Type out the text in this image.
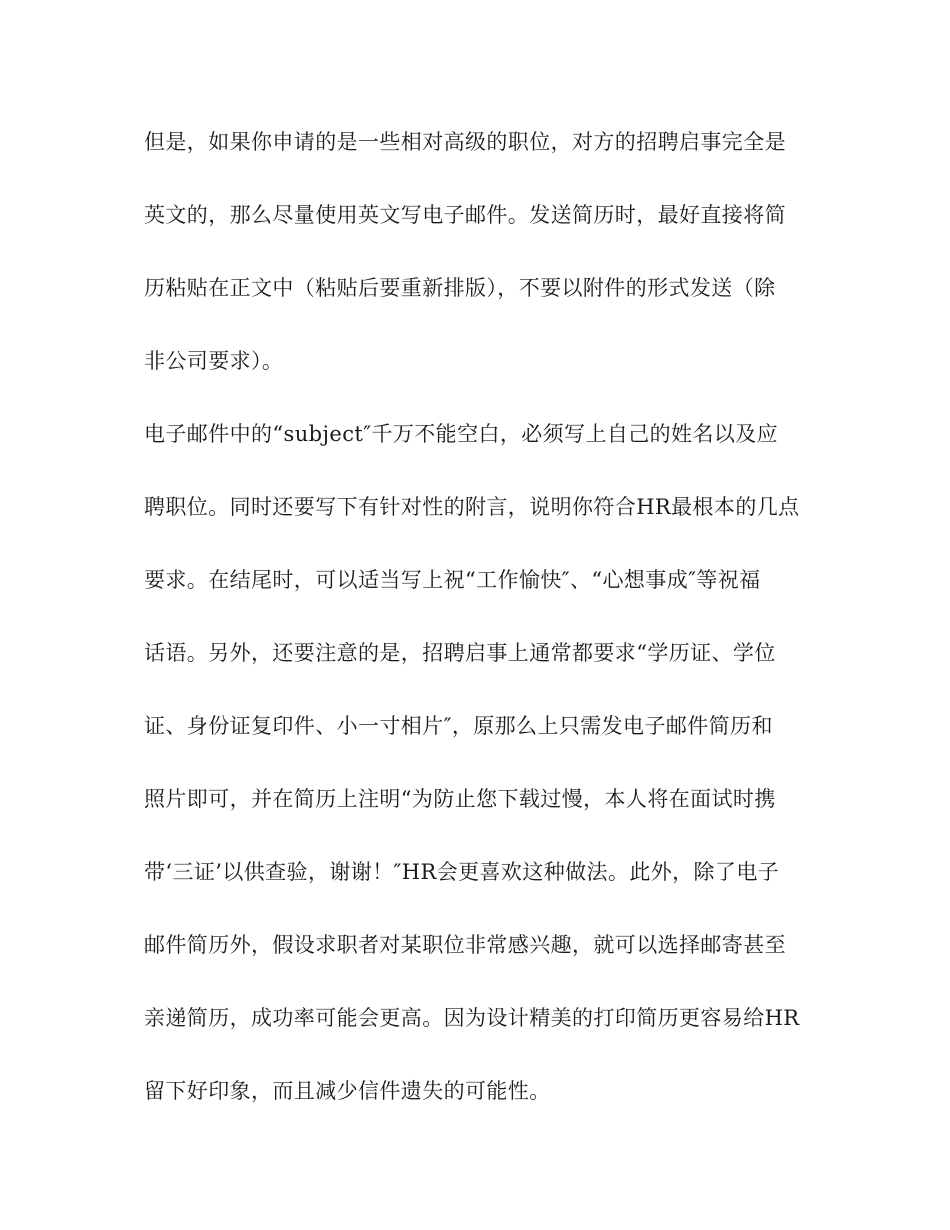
但是，如果你申请的是一些相对高级的职位，对方的招聘启事完全是
英文的，那么尽量使用英文写电子邮件。发送简历时，最好直接将简
历粘贴在正文中（粘贴后要重新排版），不要以附件的形式发送（除
非公司要求）。
电子邮件中的“subject″千万不能空白，必须写上自己的姓名以及应
聘职位。同时还要写下有针对性的附言，说明你符合HR最根本的几点
要求。在结尾时，可以适当写上祝“工作愉快″、“心想事成″等祝福
话语。另外，还要注意的是，招聘启事上通常都要求“学历证、学位
证、身份证复印件、小一寸相片″，原那么上只需发电子邮件简历和
照片即可，并在简历上注明“为防止您下载过慢，本人将在面试时携
带‘三证’以供查验，谢谢！″HR会更喜欢这种做法。此外，除了电子
邮件简历外，假设求职者对某职位非常感兴趣，就可以选择邮寄甚至
亲递简历，成功率可能会更高。因为设计精美的打印简历更容易给HR
留下好印象，而且减少信件遗失的可能性。
